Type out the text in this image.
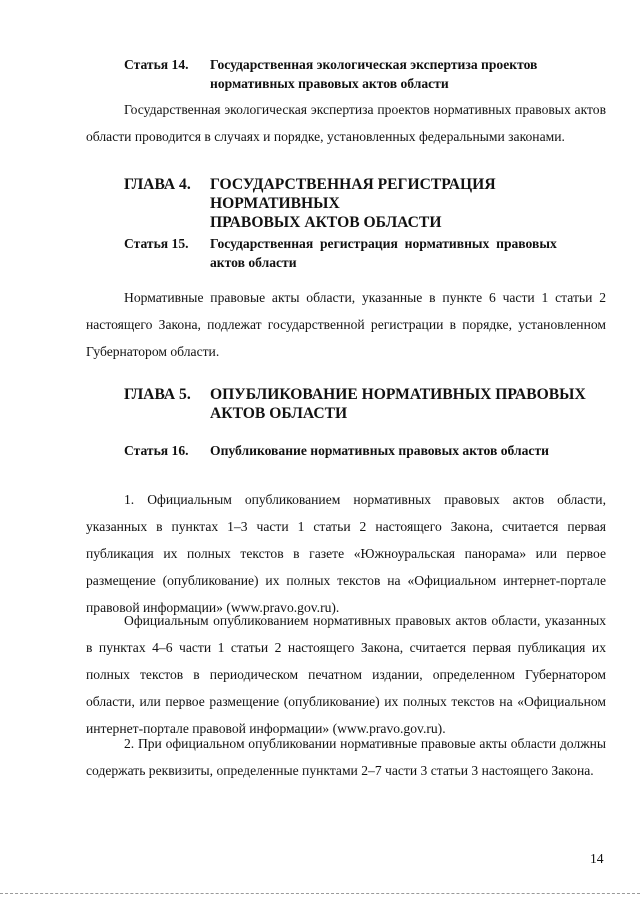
Статья 14.	Государственная экологическая экспертиза проектов
нормативных правовых актов области

Государственная экологическая экспертиза проектов нормативных правовых актов области проводится в случаях и порядке, установленных федеральными законами.

ГЛАВА 4.	ГОСУДАРСТВЕННАЯ РЕГИСТРАЦИЯ НОРМАТИВНЫХ
ПРАВОВЫХ АКТОВ ОБЛАСТИ
Статья 15.	Государственная  регистрация  нормативных  правовых
актов области

Нормативные правовые акты области, указанные в пункте 6 части 1 статьи 2 настоящего Закона, подлежат государственной регистрации в порядке, установленном Губернатором области.

ГЛАВА 5.	ОПУБЛИКОВАНИЕ НОРМАТИВНЫХ ПРАВОВЫХ
АКТОВ ОБЛАСТИ
Статья 16.	Опубликование нормативных правовых актов области

1. Официальным опубликованием нормативных правовых актов области, указанных в пунктах 1–3 части 1 статьи 2 настоящего Закона, считается первая публикация их полных текстов в газете «Южноуральская панорама» или первое размещение (опубликование) их полных текстов на «Официальном интернет-портале правовой информации» (www.pravo.gov.ru).

Официальным опубликованием нормативных правовых актов области, указанных в пунктах 4–6 части 1 статьи 2 настоящего Закона, считается первая публикация их полных текстов в периодическом печатном издании, определенном Губернатором области, или первое размещение (опубликование) их полных текстов на «Официальном интернет-портале правовой информации» (www.pravo.gov.ru).

2. При официальном опубликовании нормативные правовые акты области должны содержать реквизиты, определенные пунктами 2–7 части 3 статьи 3 настоящего Закона.

14
